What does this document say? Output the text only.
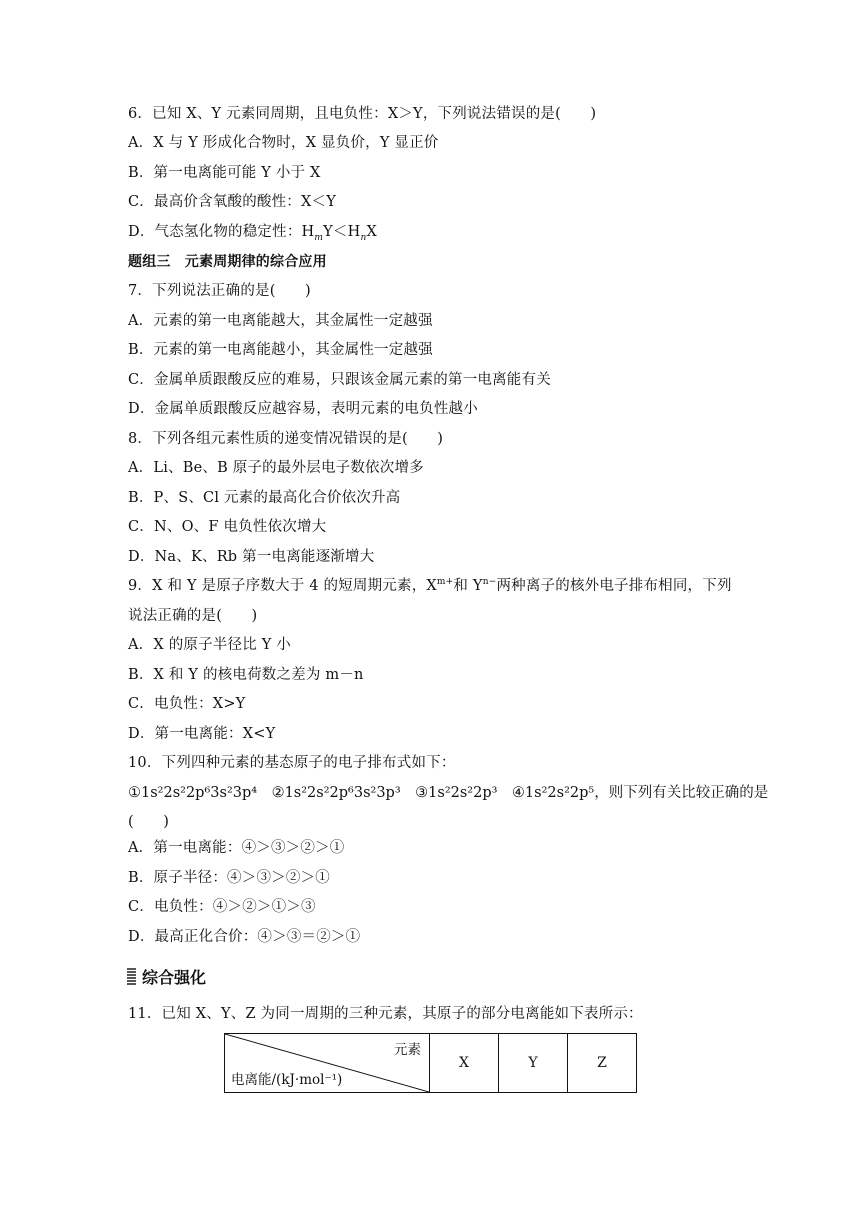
6．已知 X、Y 元素同周期，且电负性：X＞Y，下列说法错误的是(　　)
A．X 与 Y 形成化合物时，X 显负价，Y 显正价
B．第一电离能可能 Y 小于 X
C．最高价含氧酸的酸性：X＜Y
D．气态氢化物的稳定性：$H_mY<H_nX$
题组三　元素周期律的综合应用
7．下列说法正确的是(　　)
A．元素的第一电离能越大，其金属性一定越强
B．元素的第一电离能越小，其金属性一定越强
C．金属单质跟酸反应的难易，只跟该金属元素的第一电离能有关
D．金属单质跟酸反应越容易，表明元素的电负性越小
8．下列各组元素性质的递变情况错误的是(　　)
A．Li、Be、B 原子的最外层电子数依次增多
B．P、S、Cl 元素的最高化合价依次升高
C．N、O、F 电负性依次增大
D．Na、K、Rb 第一电离能逐渐增大
9．X 和 Y 是原子序数大于 4 的短周期元素，$X^{m+}$和 $Y^{n-}$两种离子的核外电子排布相同，下列
说法正确的是(　　)
A．X 的原子半径比 Y 小
B．X 和 Y 的核电荷数之差为 m－n
C．电负性：X>Y
D．第一电离能：X<Y
10．下列四种元素的基态原子的电子排布式如下：
①1s²2s²2p⁶3s²3p⁴　②1s²2s²2p⁶3s²3p³　③1s²2s²2p³　④1s²2s²2p⁵，则下列有关比较正确的是
(　　)
A．第一电离能：④＞③＞②＞①
B．原子半径：④＞③＞②＞①
C．电负性：④＞②＞①＞③
D．最高正化合价：④＞③＝②＞①
综合强化
11．已知 X、Y、Z 为同一周期的三种元素，其原子的部分电离能如下表所示：
元素
电离能/(kJ·mol⁻¹)
	X	Y	Z
